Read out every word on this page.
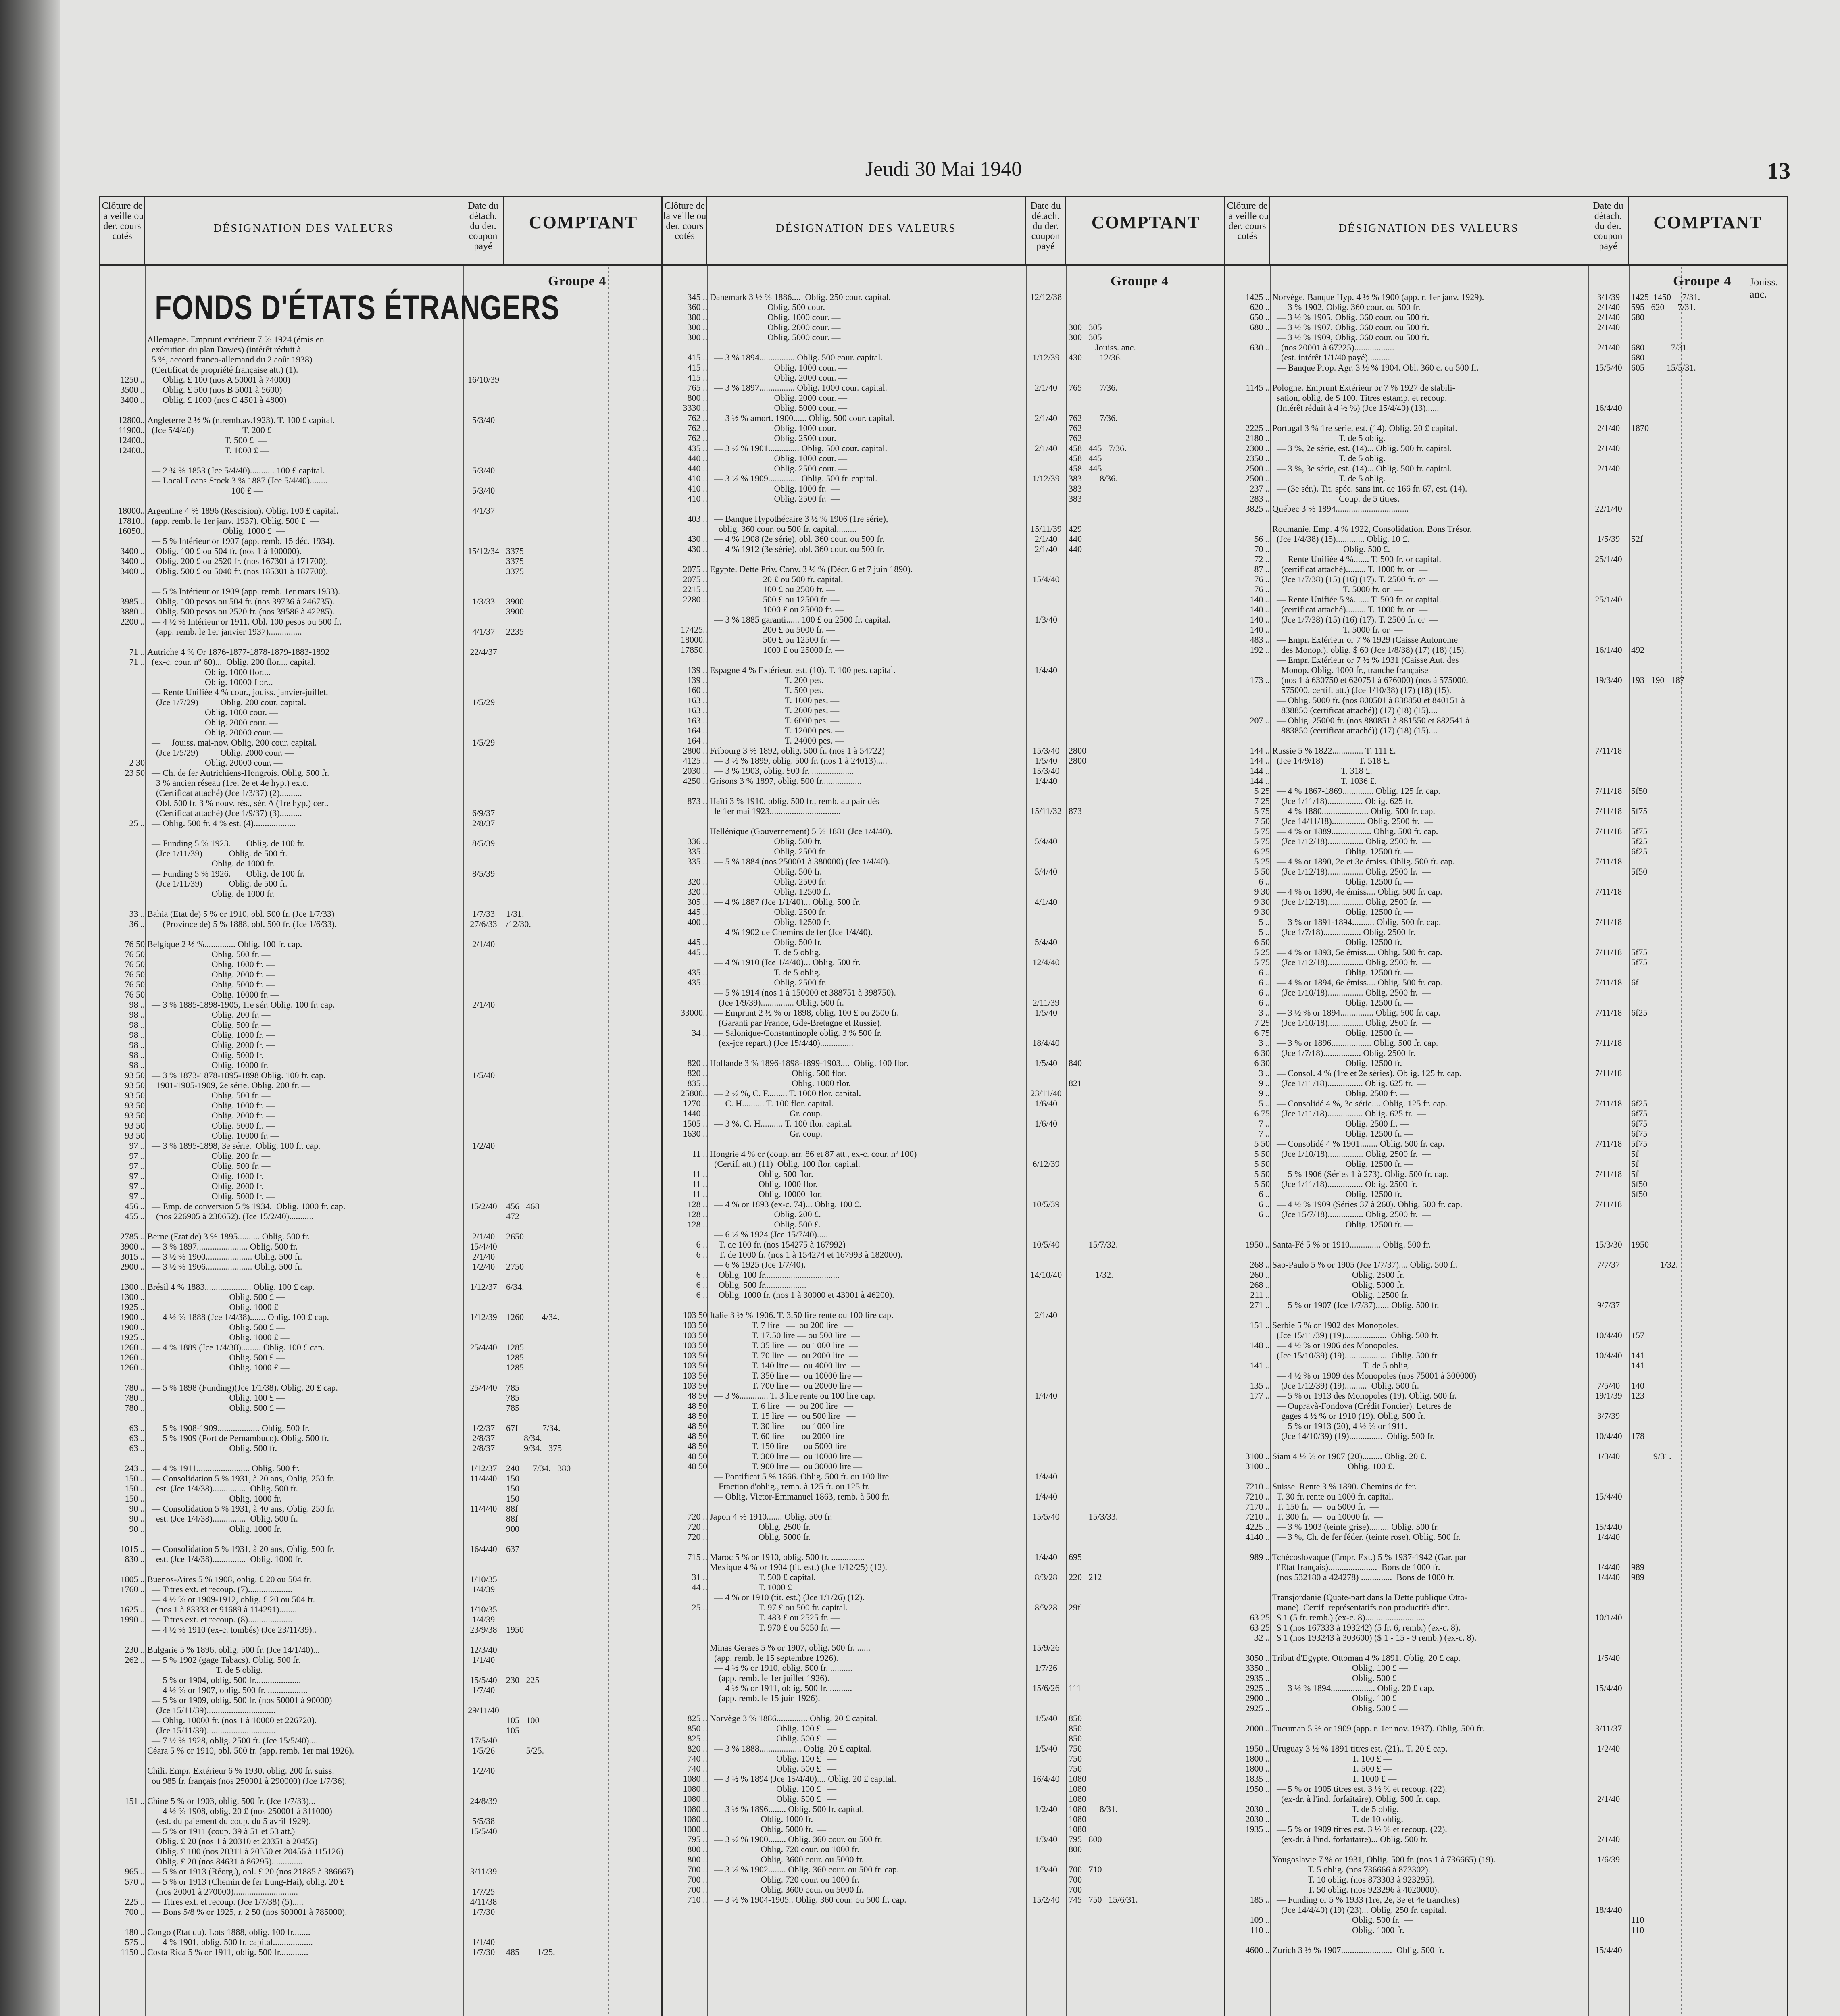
Jeudi 30 Mai 1940	13
Clôture de la veille ou der. cours cotés
DÉSIGNATION DES VALEURS
Date du détach. du der. coupon payé
COMPTANT
Groupe 4
FONDS D'ÉTATS ÉTRANGERS
1250 ..
3500 ..
3400 ..
12800..
11900..
12400..
12400..
18000..
17810..
16050..
3400 ..
3400 ..
3400 ..
3985 ..
3880 ..
2200 ..
71 ..
71 ..
2 30
23 50
25 ..
33 ..
36 ..
76 50
76 50
76 50
76 50
76 50
76 50
98 ..
98 ..
98 ..
98 ..
98 ..
98 ..
98 ..
93 50
93 50
93 50
93 50
93 50
93 50
93 50
97 ..
97 ..
97 ..
97 ..
97 ..
97 ..
456 ..
455 ..
2785 ..
3900 ..
3015 ..
2900 ..
1300 ..
1300 ..
1925 ..
1900 ..
1900 ..
1925 ..
1260 ..
1260 ..
1260 ..
780 ..
780 ..
780 ..
63 ..
63 ..
63 ..
243 ..
150 ..
150 ..
150 ..
90 ..
90 ..
90 ..
1015 ..
830 ..
1805 ..
1760 ..
1625 ..
1990 ..
230 ..
262 ..
151 ..
965 ..
570 ..
225 ..
700 ..
180 ..
575 ..
1150 ..
Allemagne. Emprunt extérieur 7 % 1924 (émis en
exécution du plan Dawes) (intérêt réduit à
5 %, accord franco-allemand du 2 août 1938)
(Certificat de propriété française att.) (1).
Oblig. £ 100 (nos A 50001 à 74000)
Oblig. £ 500 (nos B 5001 à 5600)
Oblig. £ 1000 (nos C 4501 à 4800)
Angleterre 2 ½ % (n.remb.av.1923). T. 100 £ capital.
(Jce 5/4/40)                      T. 200 £  —
T. 500 £  —
T. 1000 £ —
— 2 ¾ % 1853 (Jce 5/4/40)........... 100 £ capital.
— Local Loans Stock 3 % 1887 (Jce 5/4/40)........
100 £ —
Argentine 4 % 1896 (Rescision). Oblig. 100 £ capital.
(app. remb. le 1er janv. 1937). Oblig. 500 £  —
Oblig. 1000 £  —
— 5 % Intérieur or 1907 (app. remb. 15 déc. 1934).
Oblig. 100 £ ou 504 fr. (nos 1 à 100000).
Oblig. 200 £ ou 2520 fr. (nos 167301 à 171700).
Oblig. 500 £ ou 5040 fr. (nos 185301 à 187700).
— 5 % Intérieur or 1909 (app. remb. 1er mars 1933).
Oblig. 100 pesos ou 504 fr. (nos 39736 à 246735).
Oblig. 500 pesos ou 2520 fr. (nos 39586 à 42285).
— 4 ½ % Intérieur or 1911. Obl. 100 pesos ou 500 fr.
(app. remb. le 1er janvier 1937)...............
Autriche 4 % Or 1876-1877-1878-1879-1883-1892
(ex-c. cour. nº 60)...  Oblig. 200 flor.... capital.
Oblig. 1000 flor.... —
Oblig. 10000 flor... —
— Rente Unifiée 4 % cour., jouiss. janvier-juillet.
(Jce 1/7/29)          Oblig. 200 cour. capital.
Oblig. 1000 cour. —
Oblig. 2000 cour. —
Oblig. 20000 cour. —
—     Jouiss. mai-nov. Oblig. 200 cour. capital.
(Jce 1/5/29)          Oblig. 2000 cour. —
Oblig. 20000 cour. —
— Ch. de fer Autrichiens-Hongrois. Oblig. 500 fr.
3 % ancien réseau (1re, 2e et 4e hyp.) ex.c.
(Certificat attaché) (Jce 1/3/37) (2)..........
Obl. 500 fr. 3 % nouv. rés., sér. A (1re hyp.) cert.
(Certificat attaché) (Jce 1/9/37) (3)..........
— Oblig. 500 fr. 4 % est. (4)...................
— Funding 5 % 1923.       Oblig. de 100 fr.
(Jce 1/11/39)            Oblig. de 500 fr.
Oblig. de 1000 fr.
— Funding 5 % 1926.       Oblig. de 100 fr.
(Jce 1/11/39)            Oblig. de 500 fr.
Oblig. de 1000 fr.
Bahia (Etat de) 5 % or 1910, obl. 500 fr. (Jce 1/7/33)
— (Province de) 5 % 1888, obl. 500 fr. (Jce 1/6/33).
Belgique 2 ½ %.............. Oblig. 100 fr. cap.
Oblig. 500 fr. —
Oblig. 1000 fr. —
Oblig. 2000 fr. —
Oblig. 5000 fr. —
Oblig. 10000 fr. —
— 3 % 1885-1898-1905, 1re sér. Oblig. 100 fr. cap.
Oblig. 200 fr. —
Oblig. 500 fr. —
Oblig. 1000 fr. —
Oblig. 2000 fr. —
Oblig. 5000 fr. —
Oblig. 10000 fr. —
— 3 % 1873-1878-1895-1898 Oblig. 100 fr. cap.
1901-1905-1909, 2e série. Oblig. 200 fr. —
Oblig. 500 fr. —
Oblig. 1000 fr. —
Oblig. 2000 fr. —
Oblig. 5000 fr. —
Oblig. 10000 fr. —
— 3 % 1895-1898, 3e série.  Oblig. 100 fr. cap.
Oblig. 200 fr. —
Oblig. 500 fr. —
Oblig. 1000 fr. —
Oblig. 2000 fr. —
Oblig. 5000 fr. —
— Emp. de conversion 5 % 1934.  Oblig. 1000 fr. cap.
(nos 226905 à 230652). (Jce 15/2/40)...........
Berne (Etat de) 3 % 1895.......... Oblig. 500 fr.
— 3 % 1897....................... Oblig. 500 fr.
— 3 ½ % 1900..................... Oblig. 500 fr.
— 3 ½ % 1906..................... Oblig. 500 fr.
Brésil 4 % 1883..................... Oblig. 100 £ cap.
Oblig. 500 £ —
Oblig. 1000 £ —
— 4 ½ % 1888 (Jce 1/4/38)....... Oblig. 100 £ cap.
Oblig. 500 £ —
Oblig. 1000 £ —
— 4 % 1889 (Jce 1/4/38)......... Oblig. 100 £ cap.
Oblig. 500 £ —
Oblig. 1000 £ —
— 5 % 1898 (Funding)(Jce 1/1/38). Oblig. 20 £ cap.
Oblig. 100 £ —
Oblig. 500 £ —
— 5 % 1908-1909................... Oblig. 500 fr.
— 5 % 1909 (Port de Pernambuco). Oblig. 500 fr.
Oblig. 500 fr.
— 4 % 1911........................ Oblig. 500 fr.
— Consolidation 5 % 1931, à 20 ans, Oblig. 250 fr.
est. (Jce 1/4/38)...............  Oblig. 500 fr.
Oblig. 1000 fr.
— Consolidation 5 % 1931, à 40 ans, Oblig. 250 fr.
est. (Jce 1/4/38)...............  Oblig. 500 fr.
Oblig. 1000 fr.
— Consolidation 5 % 1931, à 20 ans, Oblig. 500 fr.
est. (Jce 1/4/38)...............  Oblig. 1000 fr.
Buenos-Aires 5 % 1908, oblig. £ 20 ou 504 fr.
— Titres ext. et recoup. (7)....................
— 4 ½ % or 1909-1912, oblig. £ 20 ou 504 fr.
(nos 1 à 83333 et 91689 à 114291)........
— Titres ext. et recoup. (8)....................
— 4 ½ % 1910 (ex-c. tombés) (Jce 23/11/39)..
Bulgarie 5 % 1896, oblig. 500 fr. (Jce 14/1/40)...
— 5 % 1902 (gage Tabacs). Oblig. 500 fr.
T. de 5 oblig.
— 5 % or 1904, oblig. 500 fr.....................
— 4 ½ % or 1907, oblig. 500 fr. ..................
— 5 % or 1909, oblig. 500 fr. (nos 50001 à 90000)
(Jce 15/11/39)...............................
— Oblig. 10000 fr. (nos 1 à 10000 et 226720).
(Jce 15/11/39)...............................
— 7 ½ % 1928, oblig. 2500 fr. (Jce 15/5/40)....
Céara 5 % or 1910, obl. 500 fr. (app. remb. 1er mai 1926).
Chili. Empr. Extérieur 6 % 1930, oblig. 200 fr. suiss.
ou 985 fr. français (nos 250001 à 290000) (Jce 1/7/36).
Chine 5 % or 1903, oblig. 500 fr. (Jce 1/7/33)...
— 4 ½ % 1908, oblig. 20 £ (nos 250001 à 311000)
(est. du paiement du coup. du 5 avril 1929).
— 5 % or 1911 (coup. 39 à 51 et 53 att.)
Oblig. £ 20 (nos 1 à 20310 et 20351 à 20455)
Oblig. £ 100 (nos 20311 à 20350 et 20456 à 115126)
Oblig. £ 20 (nos 84631 à 86295)..............
— 5 % or 1913 (Réorg.), obl. £ 20 (nos 21885 à 386667)
— 5 % or 1913 (Chemin de fer Lung-Hai), oblig. 20 £
(nos 20001 à 270000).............................
— Titres ext. et recoup. (Jce 1/7/38) (5).....
— Bons 5/8 % or 1925, r. 2 50 (nos 600001 à 785000).
Congo (Etat du). Lots 1888, oblig. 100 fr........
— 4 % 1901, oblig. 500 fr. capital..................
Costa Rica 5 % or 1911, oblig. 500 fr.............
16/10/39
5/3/40
5/3/40
5/3/40
4/1/37
15/12/34
1/3/33
4/1/37
22/4/37
1/5/29
1/5/29
6/9/37
2/8/37
8/5/39
8/5/39
1/7/33
27/6/33
2/1/40
2/1/40
1/5/40
1/2/40
15/2/40
2/1/40
15/4/40
2/1/40
1/2/40
1/12/37
1/12/39
25/4/40
25/4/40
1/2/37
2/8/37
2/8/37
1/12/37
11/4/40
11/4/40
16/4/40
1/10/35
1/4/39
1/10/35
1/4/39
23/9/38
12/3/40
1/1/40
15/5/40
1/7/40
29/11/40
17/5/40
1/5/26
1/2/40
24/8/39
5/5/38
15/5/40
3/11/39
1/7/25
4/11/38
1/7/30
1/1/40
1/7/30
3375
3375
3375
3900
3900
2235
1/31.
/12/30.
456   468
472
2650
2750
6/34.
1260        4/34.
1285
1285
1285
785
785
785
67f           7/34.
8/34.
9/34.   375
240      7/34.   380
150
150
150
88f
88f
900
637
1950
230   225
105   100
105
5/25.
485        1/25.
Clôture de la veille ou der. cours cotés
DÉSIGNATION DES VALEURS
Date du détach. du der. coupon payé
COMPTANT
Groupe 4
345 ..
360 ..
380 ..
300 ..
300 ..
415 ..
415 ..
415 ..
765 ..
800 ..
3330 ..
762 ..
762 ..
762 ..
435 ..
440 ..
440 ..
410 ..
410 ..
410 ..
403 ..
430 ..
430 ..
2075 ..
2075 ..
2215 ..
2280 ..
17425..
18000..
17850..
139 ..
139 ..
160 ..
163 ..
163 ..
163 ..
164 ..
164 ..
2800 ..
4125 ..
2030 ..
4250 ..
873 ..
336 ..
335 ..
335 ..
320 ..
320 ..
305 ..
445 ..
400 ..
445 ..
445 ..
435 ..
435 ..
33000..
34 ..
820 ..
820 ..
835 ..
25800..
1270 ..
1440 ..
1505 ..
1630 ..
11 ..
11 ..
11 ..
11 ..
128 ..
128 ..
128 ..
6 ..
6 ..
6 ..
6 ..
6 ..
103 50
103 50
103 50
103 50
103 50
103 50
103 50
103 50
48 50
48 50
48 50
48 50
48 50
48 50
48 50
48 50
720 ..
720 ..
720 ..
715 ..
31 ..
44 ..
25 ..
825 ..
850 ..
825 ..
820 ..
740 ..
740 ..
1080 ..
1080 ..
1080 ..
1080 ..
1080 ..
1080 ..
795 ..
800 ..
800 ..
700 ..
700 ..
700 ..
710 ..
Danemark 3 ½ % 1886....  Oblig. 250 cour. capital.
Oblig. 500 cour.  —
Oblig. 1000 cour. —
Oblig. 2000 cour. —
Oblig. 5000 cour. —
— 3 % 1894................ Oblig. 500 cour. capital.
Oblig. 1000 cour. —
Oblig. 2000 cour. —
— 3 % 1897................ Oblig. 1000 cour. capital.
Oblig. 2000 cour. —
Oblig. 5000 cour. —
— 3 ½ % amort. 1900...... Oblig. 500 cour. capital.
Oblig. 1000 cour. —
Oblig. 2500 cour. —
— 3 ½ % 1901.............. Oblig. 500 cour. capital.
Oblig. 1000 cour. —
Oblig. 2500 cour. —
— 3 ½ % 1909.............. Oblig. 500 fr. capital.
Oblig. 1000 fr.  —
Oblig. 2500 fr.  —
— Banque Hypothécaire 3 ½ % 1906 (1re série),
oblig. 360 cour. ou 500 fr. capital.........
— 4 % 1908 (2e série), obl. 360 cour. ou 500 fr.
— 4 % 1912 (3e série), obl. 360 cour. ou 500 fr.
Egypte. Dette Priv. Conv. 3 ½ % (Décr. 6 et 7 juin 1890).
20 £ ou 500 fr. capital.
100 £ ou 2500 fr. —
500 £ ou 12500 fr. —
1000 £ ou 25000 fr. —
— 3 % 1885 garanti...... 100 £ ou 2500 fr. capital.
200 £ ou 5000 fr. —
500 £ ou 12500 fr. —
1000 £ ou 25000 fr. —
Espagne 4 % Extérieur. est. (10). T. 100 pes. capital.
T. 200 pes.  —
T. 500 pes.  —
T. 1000 pes. —
T. 2000 pes. —
T. 6000 pes. —
T. 12000 pes. —
T. 24000 pes. —
Fribourg 3 % 1892, oblig. 500 fr. (nos 1 à 54722)
— 3 ½ % 1899, oblig. 500 fr. (nos 1 à 24013).....
— 3 % 1903, oblig. 500 fr. ...................
Grisons 3 % 1897, oblig. 500 fr..................
Haïti 3 % 1910, oblig. 500 fr., remb. au pair dès
le 1er mai 1923................................
Hellénique (Gouvernement) 5 % 1881 (Jce 1/4/40).
Oblig. 500 fr.
Oblig. 2500 fr.
— 5 % 1884 (nos 250001 à 380000) (Jce 1/4/40).
Oblig. 500 fr.
Oblig. 2500 fr.
Oblig. 12500 fr.
— 4 % 1887 (Jce 1/1/40)... Oblig. 500 fr.
Oblig. 2500 fr.
Oblig. 12500 fr.
— 4 % 1902 de Chemins de fer (Jce 1/4/40).
Oblig. 500 fr.
T. de 5 oblig.
— 4 % 1910 (Jce 1/4/40)... Oblig. 500 fr.
T. de 5 oblig.
Oblig. 2500 fr.
— 5 % 1914 (nos 1 à 150000 et 388751 à 398750).
(Jce 1/9/39)............... Oblig. 500 fr.
— Emprunt 2 ½ % or 1898, oblig. 100 £ ou 2500 fr.
(Garanti par France, Gde-Bretagne et Russie).
— Salonique-Constantinople oblig. 3 % 500 fr.
(ex-jce repart.) (Jce 15/4/40)...............
Hollande 3 % 1896-1898-1899-1903....  Oblig. 100 flor.
Oblig. 500 flor.
Oblig. 1000 flor.
— 2 ½ %, C. F......... T. 1000 flor. capital.
C. H.......... T. 100 flor. capital.
Gr. coup.
— 3 %, C. H.......... T. 100 flor. capital.
Gr. coup.
Hongrie 4 % or (coup. arr. 86 et 87 att., ex-c. cour. nº 100)
(Certif. att.) (11)  Oblig. 100 flor. capital.
Oblig. 500 flor. —
Oblig. 1000 flor. —
Oblig. 10000 flor. —
— 4 % or 1893 (ex-c. 74)... Oblig. 100 £.
Oblig. 200 £.
Oblig. 500 £.
— 6 ½ % 1924 (Jce 15/7/40).....
T. de 100 fr. (nos 154275 à 167992)
T. de 1000 fr. (nos 1 à 154274 et 167993 à 182000).
— 6 % 1925 (Jce 1/7/40).
Oblig. 100 fr..................................
Oblig. 500 fr...................
Oblig. 1000 fr. (nos 1 à 30000 et 43001 à 46200).
Italie 3 ½ % 1906. T. 3,50 lire rente ou 100 lire cap.
T. 7 lire   —  ou 200 lire   —
T. 17,50 lire — ou 500 lire  —
T. 35 lire  —  ou 1000 lire  —
T. 70 lire  —  ou 2000 lire  —
T. 140 lire —  ou 4000 lire  —
T. 350 lire —  ou 10000 lire —
T. 700 lire —  ou 20000 lire —
— 3 %............. T. 3 lire rente ou 100 lire cap.
T. 6 lire   —  ou 200 lire   —
T. 15 lire  —  ou 500 lire   —
T. 30 lire  —  ou 1000 lire  —
T. 60 lire  —  ou 2000 lire  —
T. 150 lire —  ou 5000 lire  —
T. 300 lire —  ou 10000 lire —
T. 900 lire —  ou 30000 lire —
— Pontificat 5 % 1866. Oblig. 500 fr. ou 100 lire.
Fraction d'oblig., remb. à 125 fr. ou 125 fr.
— Oblig. Victor-Emmanuel 1863, remb. à 500 fr.
Japon 4 % 1910....... Oblig. 500 fr.
Oblig. 2500 fr.
Oblig. 5000 fr.
Maroc 5 % or 1910, oblig. 500 fr. ...............
Mexique 4 % or 1904 (tit. est.) (Jce 1/12/25) (12).
T. 500 £ capital.
T. 1000 £
— 4 % or 1910 (tit. est.) (Jce 1/1/26) (12).
T. 97 £ ou 500 fr. capital.
T. 483 £ ou 2525 fr. —
T. 970 £ ou 5050 fr. —
Minas Geraes 5 % or 1907, oblig. 500 fr. ......
(app. remb. le 15 septembre 1926).
— 4 ½ % or 1910, oblig. 500 fr. ..........
(app. remb. le 1er juillet 1926).
— 4 ½ % or 1911, oblig. 500 fr. ..........
(app. remb. le 15 juin 1926).
Norvège 3 % 1886.............. Oblig. 20 £ capital.
Oblig. 100 £   —
Oblig. 500 £   —
— 3 % 1888................... Oblig. 20 £ capital.
Oblig. 100 £   —
Oblig. 500 £   —
— 3 ½ % 1894 (Jce 15/4/40).... Oblig. 20 £ capital.
Oblig. 100 £   —
Oblig. 500 £   —
— 3 ½ % 1896........ Oblig. 500 fr. capital.
Oblig. 1000 fr.  —
Oblig. 5000 fr.  —
— 3 ½ % 1900........ Oblig. 360 cour. ou 500 fr.
Oblig. 720 cour. ou 1000 fr.
Oblig. 3600 cour. ou 5000 fr.
— 3 ½ % 1902........ Oblig. 360 cour. ou 500 fr. cap.
Oblig. 720 cour. ou 1000 fr.
Oblig. 3600 cour. ou 5000 fr.
— 3 ½ % 1904-1905.. Oblig. 360 cour. ou 500 fr. cap.
12/12/38
1/12/39
2/1/40
2/1/40
2/1/40
1/12/39
15/11/39
2/1/40
2/1/40
15/4/40
1/3/40
1/4/40
15/3/40
1/5/40
15/3/40
1/4/40
15/11/32
5/4/40
5/4/40
4/1/40
5/4/40
12/4/40
2/11/39
1/5/40
18/4/40
1/5/40
23/11/40
1/6/40
1/6/40
6/12/39
10/5/39
10/5/40
14/10/40
2/1/40
1/4/40
1/4/40
1/4/40
15/5/40
1/4/40
8/3/28
8/3/28
15/9/26
1/7/26
15/6/26
1/5/40
1/5/40
16/4/40
1/2/40
1/3/40
1/3/40
15/2/40
300   305
300   305
Jouiss. anc.
430        12/36.
765        7/36.
762        7/36.
762
762
458   445   7/36.
458   445
458   445
383        8/36.
383
383
429
440
440
2800
2800
873
840
821
15/7/32.
1/32.
15/3/33.
695
220   212
29f
111
850
850
850
750
750
750
1080
1080
1080
1080      8/31.
1080
1080
795   800
800
700   710
700
700
745   750   15/6/31.
Clôture de la veille ou der. cours cotés
DÉSIGNATION DES VALEURS
Date du détach. du der. coupon payé
COMPTANT
Groupe 4 Jouiss. anc.
1425 ..
620 ..
650 ..
680 ..
630 ..
1145 ..
2225 ..
2180 ..
2300 ..
2350 ..
2500 ..
2500 ..
237 ..
283 ..
3825 ..
56 ..
70 ..
72 ..
87 ..
76 ..
76 ..
140 ..
140 ..
140 ..
140 ..
483 ..
192 ..
173 ..
207 ..
144 ..
144 ..
144 ..
144 ..
5 25
7 25
5 75
7 50
5 75
5 75
6 25
5 25
5 50
6 ..
9 30
9 30
9 30
5 ..
5 ..
6 50
5 25
5 75
6 ..
6 ..
6 ..
6 ..
3 ..
7 25
6 75
3 ..
6 30
6 30
3 ..
9 ..
9 ..
5 ..
6 75
7 ..
7 ..
5 50
5 50
5 50
5 50
5 50
6 ..
6 ..
6 ..
1950 ..
268 ..
260 ..
268 ..
211 ..
271 ..
151 ..
148 ..
141 ..
135 ..
177 ..
3100 ..
3100 ..
7210 ..
7210 ..
7170 ..
7210 ..
4225 ..
4140 ..
989 ..
63 25
63 25
32 ..
3050 ..
3350 ..
2935 ..
2925 ..
2900 ..
2925 ..
2000 ..
1950 ..
1800 ..
1800 ..
1835 ..
1950 ..
2030 ..
2030 ..
1935 ..
185 ..
109 ..
110 ..
4600 ..
Norvège. Banque Hyp. 4 ½ % 1900 (app. r. 1er janv. 1929).
— 3 % 1902, Oblig. 360 cour. ou 500 fr.
— 3 ½ % 1905, Oblig. 360 cour. ou 500 fr.
— 3 ½ % 1907, Oblig. 360 cour. ou 500 fr.
— 3 ½ % 1909, Oblig. 360 cour. ou 500 fr.
(nos 20001 à 67225)..................
(est. intérêt 1/1/40 payé)..........
— Banque Prop. Agr. 3 ½ % 1904. Obl. 360 c. ou 500 fr.
Pologne. Emprunt Extérieur or 7 % 1927 de stabili-
sation, oblig. de $ 100. Titres estamp. et recoup.
(Intérêt réduit à 4 ½ %) (Jce 15/4/40) (13)......
Portugal 3 % 1re série, est. (14). Oblig. 20 £ capital.
T. de 5 oblig.
— 3 %, 2e série, est. (14)... Oblig. 500 fr. capital.
T. de 5 oblig.
— 3 %, 3e série, est. (14)... Oblig. 500 fr. capital.
T. de 5 oblig.
— (3e sér.). Tit. spéc. sans int. de 166 fr. 67, est. (14).
Coup. de 5 titres.
Québec 3 % 1894.................................
Roumanie. Emp. 4 % 1922, Consolidation. Bons Trésor.
(Jce 1/4/38) (15)............. Oblig. 10 £.
Oblig. 500 £.
— Rente Unifiée 4 %....... T. 500 fr. or capital.
(certificat attaché)......... T. 1000 fr. or  —
(Jce 1/7/38) (15) (16) (17). T. 2500 fr. or  —
T. 5000 fr. or  —
— Rente Unifiée 5 %....... T. 500 fr. or capital.
(certificat attaché)......... T. 1000 fr. or  —
(Jce 1/7/38) (15) (16) (17). T. 2500 fr. or  —
T. 5000 fr. or  —
— Empr. Extérieur or 7 % 1929 (Caisse Autonome
des Monop.), oblig. $ 60 (Jce 1/8/38) (17) (18) (15).
— Empr. Extérieur or 7 ½ % 1931 (Caisse Aut. des
Monop. Oblig. 1000 fr., tranche française
(nos 1 à 630750 et 620751 à 676000) (nos à 575000.
575000, certif. att.) (Jce 1/10/38) (17) (18) (15).
— Oblig. 5000 fr. (nos 800501 à 838850 et 840151 à
838850 (certificat attaché)) (17) (18) (15)....
— Oblig. 25000 fr. (nos 880851 à 881550 et 882541 à
883850 (certificat attaché)) (17) (18) (15)....
Russie 5 % 1822.............. T. 111 £.
(Jce 14/9/18)                T. 518 £.
T. 318 £.
T. 1036 £.
— 4 % 1867-1869.............. Oblig. 125 fr. cap.
(Jce 1/11/18)................ Oblig. 625 fr.  —
— 4 % 1880..................... Oblig. 500 fr. cap.
(Jce 14/11/18)............... Oblig. 2500 fr.  —
— 4 % or 1889.................. Oblig. 500 fr. cap.
(Jce 1/12/18)................ Oblig. 2500 fr.  —
Oblig. 12500 fr. —
— 4 % or 1890, 2e et 3e émiss. Oblig. 500 fr. cap.
(Jce 1/12/18)................ Oblig. 2500 fr.  —
Oblig. 12500 fr. —
— 4 % or 1890, 4e émiss.... Oblig. 500 fr. cap.
(Jce 1/12/18)................ Oblig. 2500 fr.  —
Oblig. 12500 fr. —
— 3 % or 1891-1894.......... Oblig. 500 fr. cap.
(Jce 1/7/18)................. Oblig. 2500 fr.  —
Oblig. 12500 fr. —
— 4 % or 1893, 5e émiss.... Oblig. 500 fr. cap.
(Jce 1/12/18)................ Oblig. 2500 fr.  —
Oblig. 12500 fr. —
— 4 % or 1894, 6e émiss.... Oblig. 500 fr. cap.
(Jce 1/10/18)................ Oblig. 2500 fr.  —
Oblig. 12500 fr. —
— 3 ½ % or 1894............... Oblig. 500 fr. cap.
(Jce 1/10/18)................ Oblig. 2500 fr.  —
Oblig. 12500 fr. —
— 3 % or 1896.................. Oblig. 500 fr. cap.
(Jce 1/7/18)................. Oblig. 2500 fr.  —
Oblig. 12500 fr. —
— Consol. 4 % (1re et 2e séries). Oblig. 125 fr. cap.
(Jce 1/11/18)................ Oblig. 625 fr.  —
Oblig. 2500 fr. —
— Consolidé 4 %, 3e série.... Oblig. 125 fr. cap.
(Jce 1/11/18)................ Oblig. 625 fr.  —
Oblig. 2500 fr. —
Oblig. 12500 fr. —
— Consolidé 4 % 1901........ Oblig. 500 fr. cap.
(Jce 1/10/18)................ Oblig. 2500 fr.  —
Oblig. 12500 fr. —
— 5 % 1906 (Séries 1 à 273). Oblig. 500 fr. cap.
(Jce 1/11/18)................ Oblig. 2500 fr.  —
Oblig. 12500 fr. —
— 4 ½ % 1909 (Séries 37 à 260). Oblig. 500 fr. cap.
(Jce 15/7/18)................ Oblig. 2500 fr.  —
Oblig. 12500 fr. —
Santa-Fé 5 % or 1910.............. Oblig. 500 fr.
Sao-Paulo 5 % or 1905 (Jce 1/7/37).... Oblig. 500 fr.
Oblig. 2500 fr.
Oblig. 5000 fr.
Oblig. 12500 fr.
— 5 % or 1907 (Jce 1/7/37)...... Oblig. 500 fr.
Serbie 5 % or 1902 des Monopoles.
(Jce 15/11/39) (19)...................  Oblig. 500 fr.
— 4 ½ % or 1906 des Monopoles.
(Jce 15/10/39) (19)...................  Oblig. 500 fr.
T. de 5 oblig.
— 4 ½ % or 1909 des Monopoles (nos 75001 à 300000)
(Jce 1/12/39) (19)..........  Oblig. 500 fr.
— 5 % or 1913 des Monopoles (19). Oblig. 500 fr.
— Oupravà-Fondova (Crédit Foncier). Lettres de
gages 4 ½ % or 1910 (19). Oblig. 500 fr.
— 5 % or 1913 (20), 4 ½ % or 1911.
(Jce 14/10/39) (19)...............  Oblig. 500 fr.
Siam 4 ½ % or 1907 (20)......... Oblig. 20 £.
Oblig. 100 £.
Suisse. Rente 3 % 1890. Chemins de fer.
T. 30 fr. rente ou 1000 fr. capital.
T. 150 fr.  —  ou 5000 fr.  —
T. 300 fr.  —  ou 10000 fr.  —
— 3 % 1903 (teinte grise)......... Oblig. 500 fr.
— 3 %, Ch. de fer féder. (teinte rose). Oblig. 500 fr.
Tchécoslovaque (Empr. Ext.) 5 % 1937-1942 (Gar. par
l'Etat français)......................  Bons de 1000 fr.
(nos 532180 à 424278) ..............  Bons de 1000 fr.
Transjordanie (Quote-part dans la Dette publique Otto-
mane). Certif. représentatifs non productifs d'int.
$ 1 (5 fr. remb.) (ex-c. 8)...........................
$ 1 (nos 167333 à 193242) (5 fr. 6, remb.) (ex-c. 8).
$ 1 (nos 193243 à 303600) ($ 1 - 15 - 9 remb.) (ex-c. 8).
Tribut d'Egypte. Ottoman 4 % 1891. Oblig. 20 £ cap.
Oblig. 100 £ —
Oblig. 500 £ —
— 3 ½ % 1894.................... Oblig. 20 £ cap.
Oblig. 100 £ —
Oblig. 500 £ —
Tucuman 5 % or 1909 (app. r. 1er nov. 1937). Oblig. 500 fr.
Uruguay 3 ½ % 1891 titres est. (21).. T. 20 £ cap.
T. 100 £ —
T. 500 £ —
T. 1000 £ —
— 5 % or 1905 titres est. 3 ½ % et recoup. (22).
(ex-dr. à l'ind. forfaitaire). Oblig. 500 fr. cap.
T. de 5 oblig.
T. de 10 oblig.
— 5 % or 1909 titres est. 3 ½ % et recoup. (22).
(ex-dr. à l'ind. forfaitaire)... Oblig. 500 fr.
Yougoslavie 7 % or 1931, Oblig. 500 fr. (nos 1 à 736665) (19).
T. 5 oblig. (nos 736666 à 873302).
T. 10 oblig. (nos 873303 à 923295).
T. 50 oblig. (nos 923296 à 4020000).
— Funding or 5 % 1933 (1re, 2e, 3e et 4e tranches)
(Jce 14/4/40) (19) (23)... Oblig. 250 fr. capital.
Oblig. 500 fr.  —
Oblig. 1000 fr. —
Zurich 3 ½ % 1907.......................  Oblig. 500 fr.
3/1/39
2/1/40
2/1/40
2/1/40
2/1/40
15/5/40
16/4/40
2/1/40
2/1/40
2/1/40
22/1/40
1/5/39
25/1/40
25/1/40
16/1/40
19/3/40
7/11/18
7/11/18
7/11/18
7/11/18
7/11/18
7/11/18
7/11/18
7/11/18
7/11/18
7/11/18
7/11/18
7/11/18
7/11/18
7/11/18
7/11/18
7/11/18
15/3/30
7/7/37
9/7/37
10/4/40
10/4/40
7/5/40
19/1/39
3/7/39
10/4/40
1/3/40
15/4/40
15/4/40
1/4/40
1/4/40
1/4/40
10/1/40
1/5/40
15/4/40
3/11/37
1/2/40
2/1/40
2/1/40
1/6/39
18/4/40
15/4/40
1425  1450     7/31.
595   620      7/31.
680
680            7/31.
680
605          15/5/31.
1870
52f
492
193   190   187
5f50
5f75
5f75
5f25
6f25
5f50
5f75
5f75
6f
6f25
6f25
6f75
6f75
6f75
5f75
5f
5f
5f
6f50
6f50
1950
1/32.
157
141
141
140
123
178
9/31.
989
989
110
110
